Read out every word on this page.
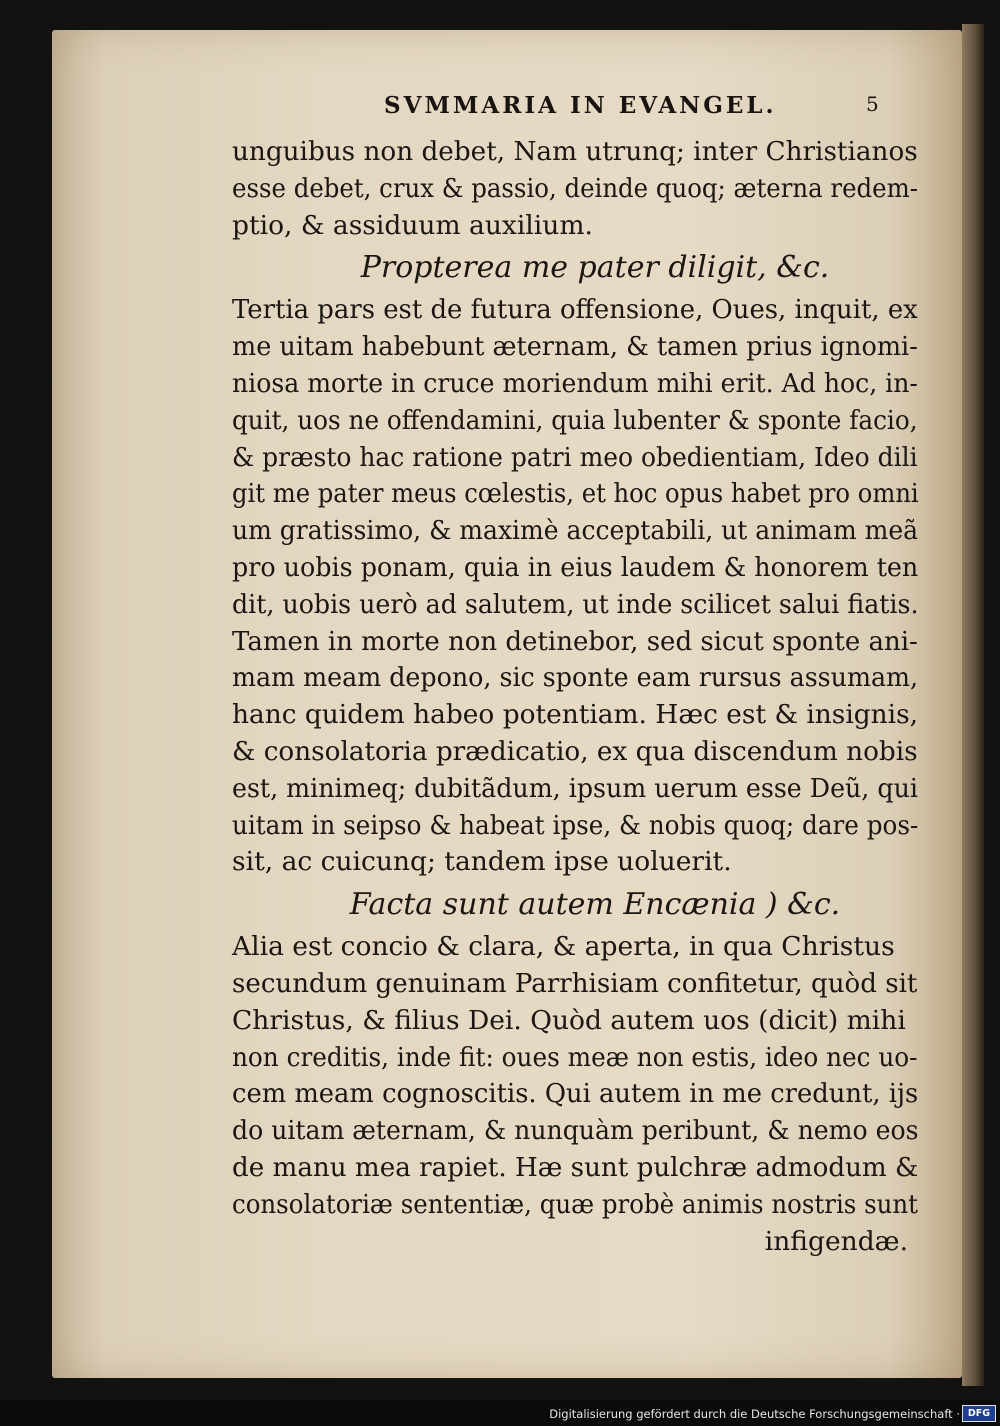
SVMMARIA IN EVANGEL.	5
unguibus non debet, Nam utrunq; inter Christianos
esse debet, crux & passio, deinde quoq; æterna redem-
ptio, & assiduum auxilium.
Propterea me pater diligit, &c.
Tertia pars est de futura offensione, Oues, inquit, ex
me uitam habebunt æternam, & tamen prius ignomi-
niosa morte in cruce moriendum mihi erit. Ad hoc, in-
quit, uos ne offendamini, quia lubenter & sponte facio,
& præsto hac ratione patri meo obedientiam, Ideo dili
git me pater meus cœlestis, et hoc opus habet pro omni
um gratissimo, & maximè acceptabili, ut animam meã
pro uobis ponam, quia in eius laudem & honorem ten
dit, uobis uerò ad salutem, ut inde scilicet salui fiatis.
Tamen in morte non detinebor, sed sicut sponte ani-
mam meam depono, sic sponte eam rursus assumam,
hanc quidem habeo potentiam. Hæc est & insignis,
& consolatoria prædicatio, ex qua discendum nobis
est, minimeq; dubitãdum, ipsum uerum esse Deũ, qui
uitam in seipso & habeat ipse, & nobis quoq; dare pos-
sit, ac cuicunq; tandem ipse uoluerit.
Facta sunt autem Encænia ) &c.
Alia est concio & clara, & aperta, in qua Christus
secundum genuinam Parrhisiam confitetur, quòd sit
Christus, & filius Dei. Quòd autem uos (dicit) mihi
non creditis, inde fit: oues meæ non estis, ideo nec uo-
cem meam cognoscitis. Qui autem in me credunt, ijs
do uitam æternam, & nunquàm peribunt, & nemo eos
de manu mea rapiet. Hæ sunt pulchræ admodum &
consolatoriæ sententiæ, quæ probè animis nostris sunt
infigendæ.
Digitalisierung gefördert durch die Deutsche Forschungsgemeinschaft · DFG
